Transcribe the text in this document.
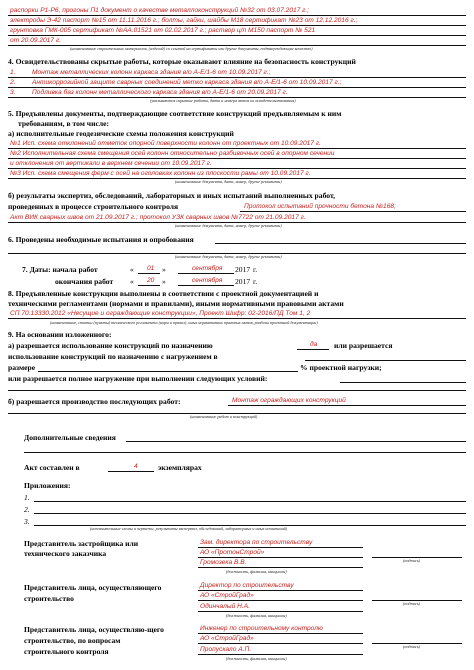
распорки Р1-Р6, прогоны П1 документ о качестве металлоконструкций №32 от 03.07.2017 г.;
электроды Э-42 паспорт №15 от 11.11.2016 г.; болты, гайки, шайбы М18 сертификат №23 от 12.12.2016 г.;
грунтовка ГМК-005 сертификат №АА.01521 от 02.02.2017 г.; раствор ц/п М150 паспорт № 521
от 20.09.2017 г.
(наименование строительных материалов, (изделий) со ссылкой на сертификаты или другие документы, подтверждающие качество)
4. Освидетельствованы скрытые работы, которые оказывают влияние на безопасность конструкций
1.	Монтаж металлических колонн каркаса здания в/о А-Е/1-6 от 10.09.2017 г.;
2.	Антикоррозийной защите сварных соединений метко каркаса здания в/о А-Е/1-6 от 10.09.2017 г.;
3.	Подливка баз колонн металлического каркаса здания в/о А-Е/1-6 от 20.09.2017 г.
(указываются скрытые работы, даты и номера актов их освидетельствования)
5. Предъявлены документы, подтверждающие соответствие конструкций предъявляемым к ним
требованиям, в том числе:
а) исполнительные геодезические схемы положения конструкций
№1 Исп. схема отклонений отметок опорной поверхности колонн от проектных от 10.09.2017 г.
№2 Исполнительная схема смещения осей колонн относительно разбивочных осей в опорном сечении
и отклонения от вертикали в верхнем сечении от 10.09.2017 г.
№3 Исп. схема смещения ферм с осей на оголовках колонн из плоскости рамы от 10.09.2017 г.
(наименование документа, дата, номер, другие реквизиты)
б) результаты экспертиз, обследований, лабораторных и иных испытаний выполненных работ,
проведенных в процессе строительного контроля	Протокол испытаний прочности бетона №168;
Акт ВИК сварных швов от 21.09.2017 г.; протокол УЗК сварных швов №7722 от 21.09.2017 г.
(наименование документа, дата, номер, другие реквизиты)
6. Проведены необходимые испытания и опробования
(наименование документа, дата, номер, другие реквизиты)
7. Даты: начала работ	« 01 »	сентября 2017 г.
окончания работ « 20 »	сентября 2017 г.
8. Предъявленные конструкции выполнены в соответствии с проектной документацией и
техническими регламентами (нормами и правилами), иными нормативными правовыми актами
СП 70.13330.2012 «Несущие и ограждающие конструкции», Проект Шифр: 02-2016/ПД Том 1, 2
(наименование, статьи (пункты) технического регламента (норм и правил), иных нормативных правовых актов, разделы проектной документации)
9. На основании изложенного:
а) разрешается использование конструкций по назначению	да или разрешается
использование конструкций по назначению с нагружением в
размере	% проектной нагрузки;
или разрешается полное нагружение при выполнении следующих условий:
б) разрешается производство последующих работ:	Монтаж ограждающих конструкций
(наименование работ и конструкций)
Дополнительные сведения
Акт составлен в	4	экземплярах
Приложения:
1.
2.
3.
(исполнительные схемы и чертежи, результаты экспертиз, обследований, лабораторных и иных испытаний)
Представитель застройщика или
технического заказчика
Зам. директора по строительству
АО «ПротонСтрой»
Громозека В.В.	(подпись)
(должность, фамилия, инициалы)
Представитель лица, осуществляющего
строительство
Директор по строительству
АО «СтройГрад»
Одинчалый Н.А.	(подпись)
(должность, фамилия, инициалы)
Представитель лица, осуществляю-щего
строительство, по вопросам
строительного контроля
Инженер по строительному контролю
АО «СтройГрад»
Пропускало А.П.	(подпись)
(должность, фамилия, инициалы)
